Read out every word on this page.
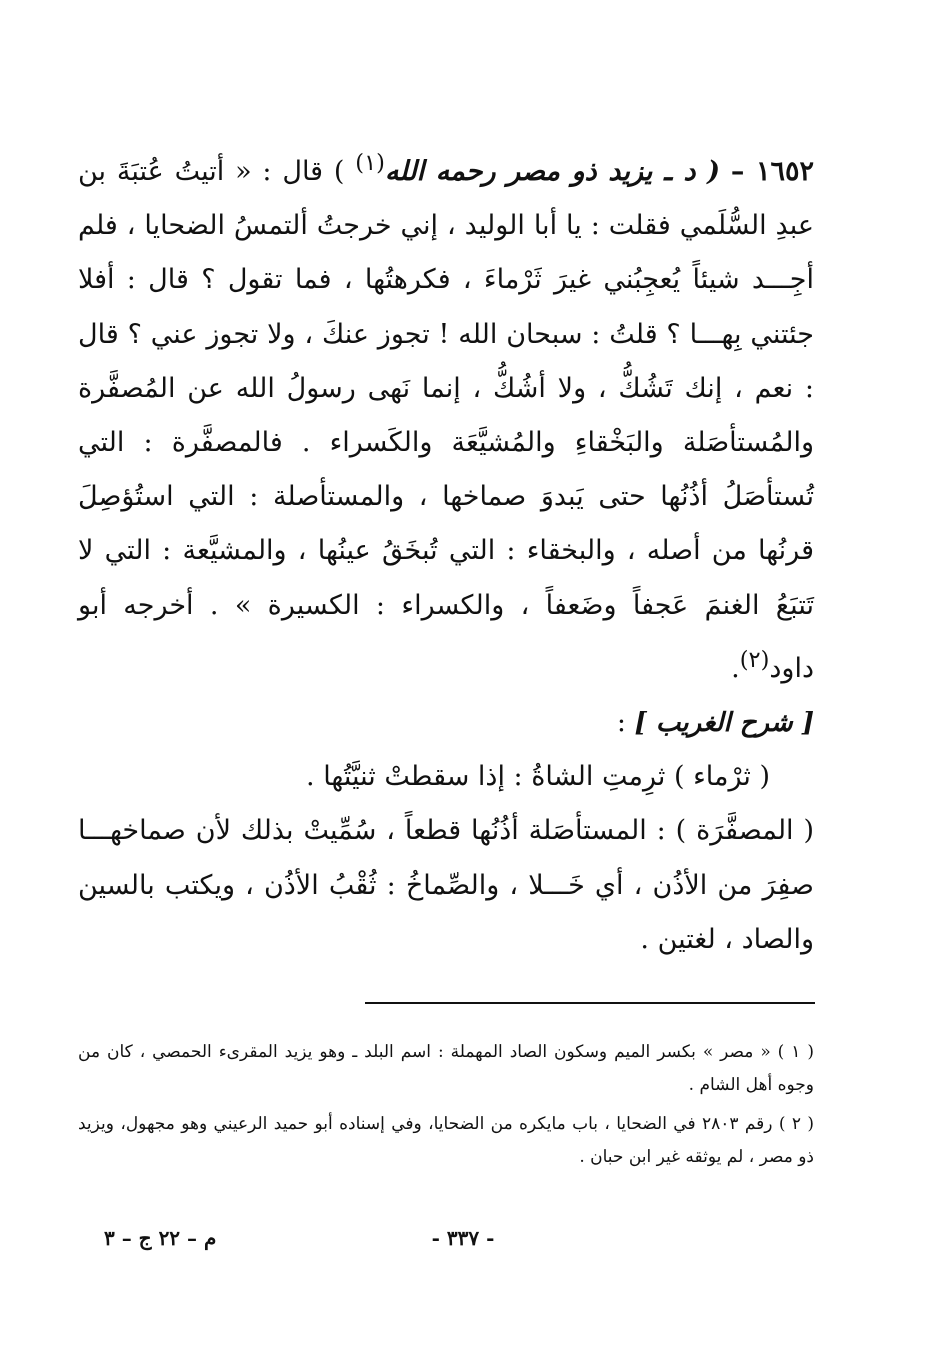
١٦٥٢ – ( د ـ يزيد ذو مصر رحمه الله$^{(١)}$ ) قال : « أتيتُ عُتبَةَ بن عبدِ السُّلَمي فقلت : يا أبا الوليد ، إني خرجتُ ألتمسُ الضحايا ، فلم أجِـــد شيئاً يُعجِبُني غيرَ ثَرْماءَ ، فكرهتُها ، فما تقول ؟ قال : أفلا جئتني بِهـــا ؟ قلتُ : سبحان الله ! تجوز عنكَ ، ولا تجوز عني ؟ قال : نعم ، إنك تَشُكُّ ، ولا أشُكُّ ، إنما نَهى رسولُ الله عن المُصفَّرة والمُستأصَلة والبَخْقاءِ والمُشيَّعَة والكَسراء . فالمصفَّرة : التي تُستأصَلُ أذُنُها حتى يَبدوَ صماخها ، والمستأصلة : التي استُؤصِلَ قرنُها من أصله ، والبخقاء : التي تُبخَقُ عينُها ، والمشيَّعة : التي لا تَتبَعُ الغنمَ عَجفاً وضَعفاً ، والكسراء : الكسيرة » . أخرجه أبو داود$^{(٢)}$.

[ شرح الغريب ] :

( ثرْماء ) ثرِمتِ الشاةُ : إذا سقطتْ ثنيَّتُها .

( المصفَّرَة ) : المستأصَلة أذُنُها قطعاً ، سُمِّيتْ بذلك لأن صماخهـــا صفِرَ من الأذُن ، أي خَـــلا ، والصِّماخُ : ثُقْبُ الأذُن ، ويكتب بالسين والصاد ، لغتين .

( ١ ) « مصر » بكسر الميم وسكون الصاد المهملة : اسم البلد ـ وهو يزيد المقرىء الحمصي ، كان من وجوه أهل الشام .

( ٢ ) رقم ٢٨٠٣ في الضحايا ، باب مايكره من الضحايا، وفي إسناده أبو حميد الرعيني وهو مجهول، ويزيد ذو مصر ، لم يوثقه غير ابن حبان .

- ٣٣٧ -
م – ٢٢ ج – ٣
